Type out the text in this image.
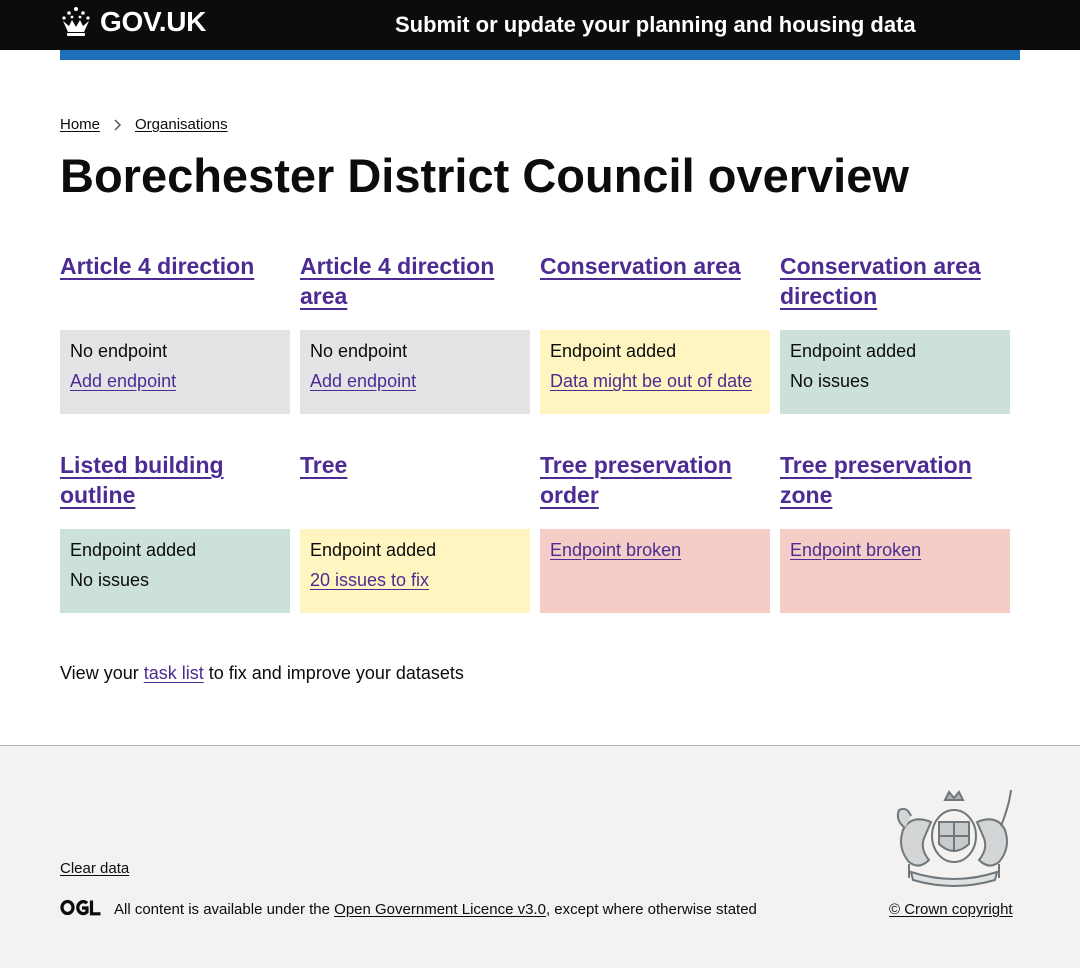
GOV.UK	Submit or update your planning and housing data
Home Organisations
Borechester District Council overview
Article 4 direction
No endpoint
Add endpoint
Article 4 direction area
No endpoint
Add endpoint
Conservation area
Endpoint added
Data might be out of date
Conservation area direction
Endpoint added
No issues
Listed building outline
Endpoint added
No issues
Tree
Endpoint added
20 issues to fix
Tree preservation order
Endpoint broken
Tree preservation zone
Endpoint broken

View your task list to fix and improve your datasets

Clear data

All content is available under the Open Government Licence v3.0, except where otherwise stated	© Crown copyright
